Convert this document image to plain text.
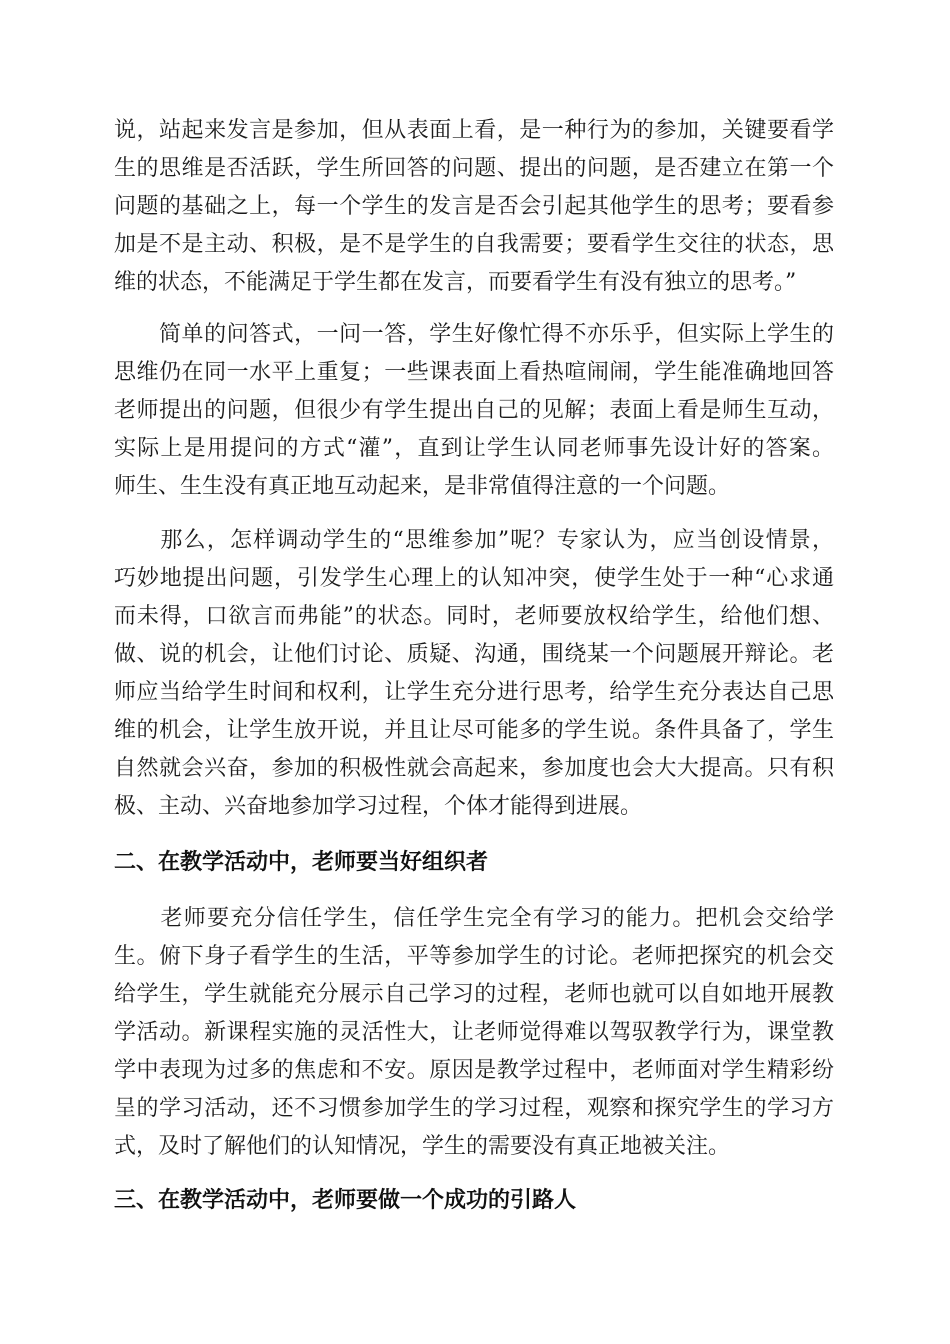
说，站起来发言是参加，但从表面上看，是一种行为的参加，关键要看学
生的思维是否活跃，学生所回答的问题、提出的问题，是否建立在第一个
问题的基础之上，每一个学生的发言是否会引起其他学生的思考；要看参
加是不是主动、积极，是不是学生的自我需要；要看学生交往的状态，思
维的状态，不能满足于学生都在发言，而要看学生有没有独立的思考。”

　　简单的问答式，一问一答，学生好像忙得不亦乐乎，但实际上学生的
思维仍在同一水平上重复；一些课表面上看热喧闹闹，学生能准确地回答
老师提出的问题，但很少有学生提出自己的见解；表面上看是师生互动，
实际上是用提问的方式“灌”，直到让学生认同老师事先设计好的答案。
师生、生生没有真正地互动起来，是非常值得注意的一个问题。

　　那么，怎样调动学生的“思维参加”呢？专家认为，应当创设情景，
巧妙地提出问题，引发学生心理上的认知冲突，使学生处于一种“心求通
而未得，口欲言而弗能”的状态。同时，老师要放权给学生，给他们想、
做、说的机会，让他们讨论、质疑、沟通，围绕某一个问题展开辩论。老
师应当给学生时间和权利，让学生充分进行思考，给学生充分表达自己思
维的机会，让学生放开说，并且让尽可能多的学生说。条件具备了，学生
自然就会兴奋，参加的积极性就会高起来，参加度也会大大提高。只有积
极、主动、兴奋地参加学习过程，个体才能得到进展。

二、在教学活动中，老师要当好组织者

　　老师要充分信任学生，信任学生完全有学习的能力。把机会交给学
生。俯下身子看学生的生活，平等参加学生的讨论。老师把探究的机会交
给学生，学生就能充分展示自己学习的过程，老师也就可以自如地开展教
学活动。新课程实施的灵活性大，让老师觉得难以驾驭教学行为，课堂教
学中表现为过多的焦虑和不安。原因是教学过程中，老师面对学生精彩纷
呈的学习活动，还不习惯参加学生的学习过程，观察和探究学生的学习方
式，及时了解他们的认知情况，学生的需要没有真正地被关注。

三、在教学活动中，老师要做一个成功的引路人
